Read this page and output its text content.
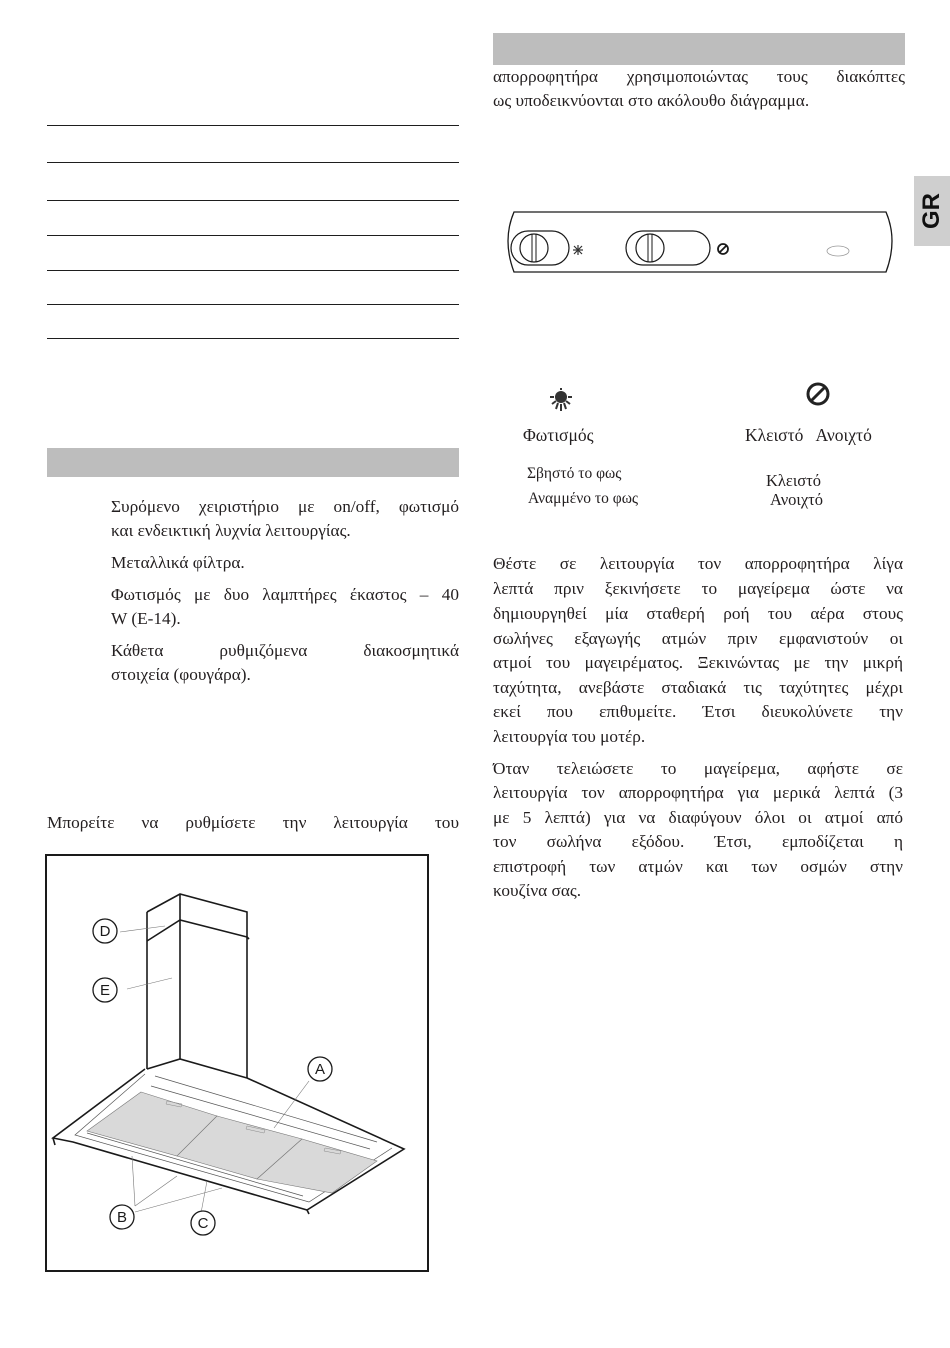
Συρόμενο χειριστήριο με on/off, φωτισμό
και ενδεικτική λυχνία λειτουργίας.
Μεταλλικά φίλτρα.
Φωτισμός με δυο λαμπτήρες έκαστος – 40
W (E-14).
Κάθετα ρυθμιζόμενα διακοσμητικά
στοιχεία (φουγάρα).
Μπορείτε να ρυθμίσετε την λειτουργία του
D
E
A
B	C
απορροφητήρα χρησιμοποιώντας τους διακόπτες
ως υποδεικνύονται στο ακόλουθο διάγραμμα.
GR
Φωτισμός	Κλειστό   Ανοιχτό
Σβηστό το φως
Αναμμένο το φως
Κλειστό
Ανοιχτό
Θέστε σε λειτουργία τον απορροφητήρα λίγα
λεπτά πριν ξεκινήσετε το μαγείρεμα ώστε να
δημιουργηθεί μία σταθερή ροή του αέρα στους
σωλήνες εξαγωγής ατμών πριν εμφανιστούν οι
ατμοί του μαγειρέματος. Ξεκινώντας με την μικρή
ταχύτητα, ανεβάστε σταδιακά τις ταχύτητες μέχρι
εκεί που επιθυμείτε. Έτσι διευκολύνετε την
λειτουργία του μοτέρ.
Όταν τελειώσετε το μαγείρεμα, αφήστε σε
λειτουργία τον απορροφητήρα για μερικά λεπτά (3
με 5 λεπτά) για να διαφύγουν όλοι οι ατμοί από
τον σωλήνα εξόδου. Έτσι, εμποδίζεται η
επιστροφή των ατμών και των οσμών στην
κουζίνα σας.
